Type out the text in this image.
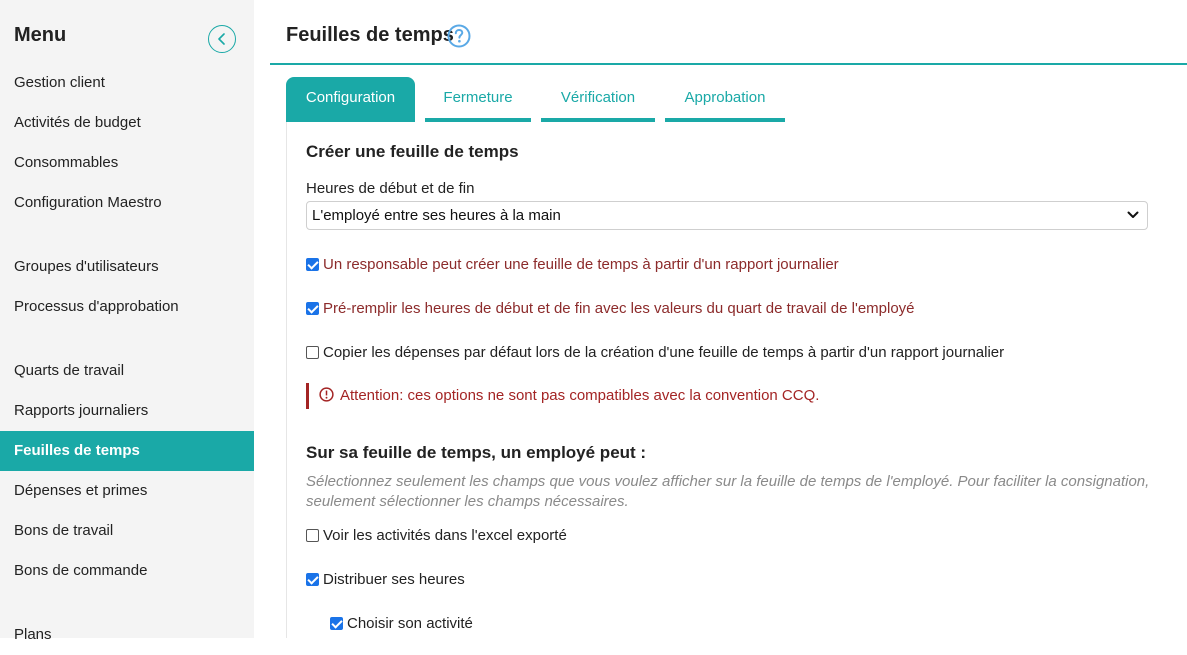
Menu
Gestion client
Activités de budget
Consommables
Configuration Maestro
Groupes d'utilisateurs
Processus d'approbation
Quarts de travail
Rapports journaliers
Feuilles de temps
Dépenses et primes
Bons de travail
Bons de commande
Plans
Feuilles de temps
Configuration	Fermeture	Vérification	Approbation
Créer une feuille de temps
Heures de début et de fin
L'employé entre ses heures à la main
Un responsable peut créer une feuille de temps à partir d'un rapport journalier
Pré-remplir les heures de début et de fin avec les valeurs du quart de travail de l'employé
Copier les dépenses par défaut lors de la création d'une feuille de temps à partir d'un rapport journalier
Attention: ces options ne sont pas compatibles avec la convention CCQ.
Sur sa feuille de temps, un employé peut :
Sélectionnez seulement les champs que vous voulez afficher sur la feuille de temps de l'employé. Pour faciliter la consignation, seulement sélectionner les champs nécessaires.
Voir les activités dans l'excel exporté
Distribuer ses heures
Choisir son activité
